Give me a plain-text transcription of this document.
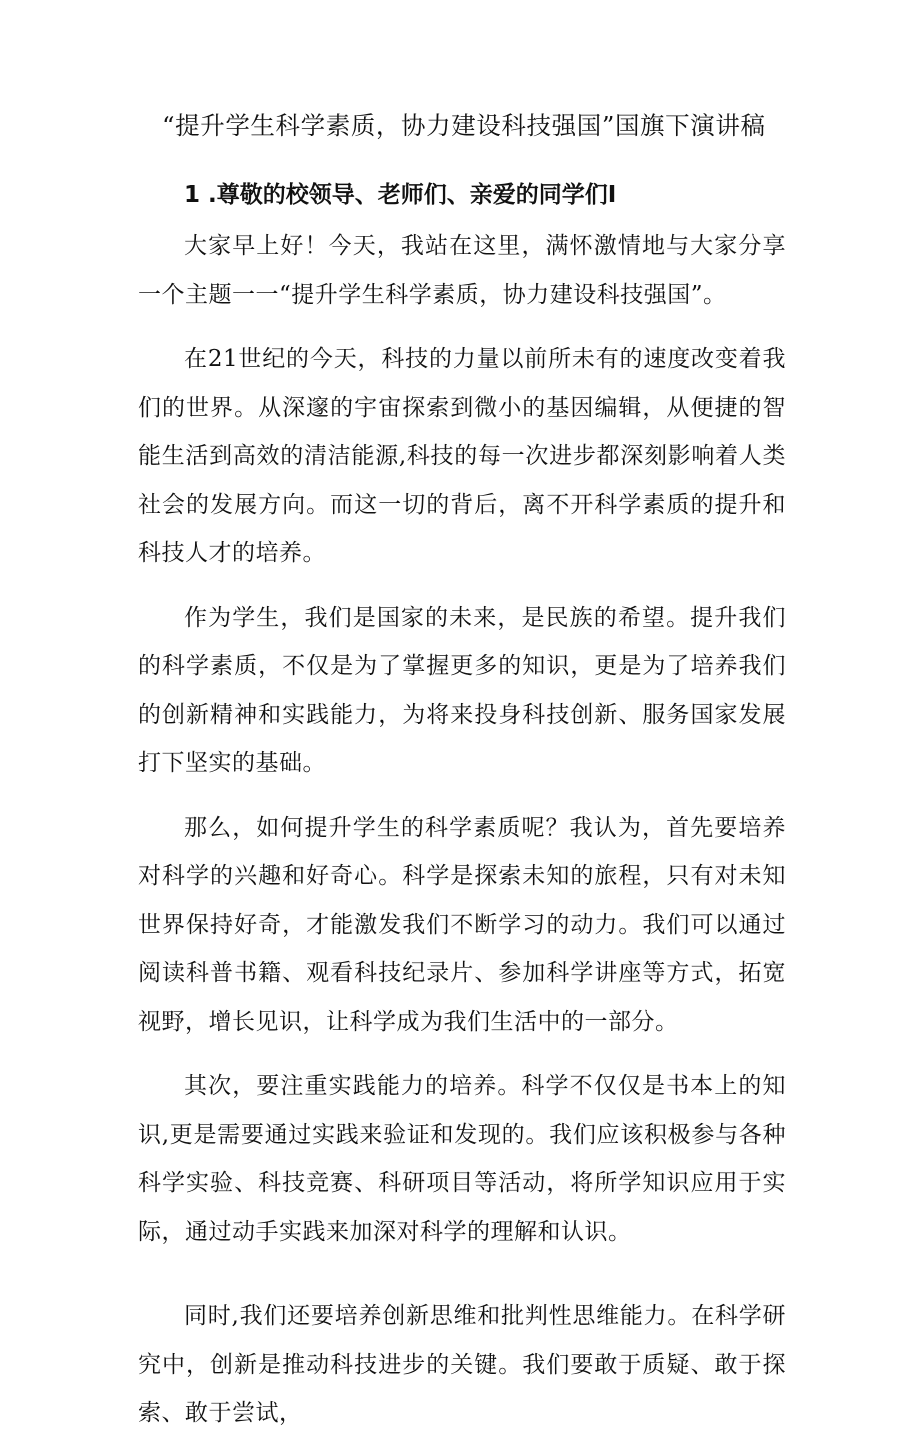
“提升学生科学素质，协力建设科技强国”国旗下演讲稿
1 .尊敬的校领导、老师们、亲爱的同学们I

大家早上好！今天，我站在这里，满怀激情地与大家分享一个主题一一“提升学生科学素质，协力建设科技强国”。

在21世纪的今天，科技的力量以前所未有的速度改变着我们的世界。从深邃的宇宙探索到微小的基因编辑，从便捷的智能生活到高效的清洁能源,科技的每一次进步都深刻影响着人类社会的发展方向。而这一切的背后，离不开科学素质的提升和科技人才的培养。

作为学生，我们是国家的未来，是民族的希望。提升我们的科学素质，不仅是为了掌握更多的知识，更是为了培养我们的创新精神和实践能力，为将来投身科技创新、服务国家发展打下坚实的基础。

那么，如何提升学生的科学素质呢？我认为，首先要培养对科学的兴趣和好奇心。科学是探索未知的旅程，只有对未知世界保持好奇，才能激发我们不断学习的动力。我们可以通过阅读科普书籍、观看科技纪录片、参加科学讲座等方式，拓宽视野，增长见识，让科学成为我们生活中的一部分。

其次，要注重实践能力的培养。科学不仅仅是书本上的知识,更是需要通过实践来验证和发现的。我们应该积极参与各种科学实验、科技竞赛、科研项目等活动，将所学知识应用于实际，通过动手实践来加深对科学的理解和认识。

同时,我们还要培养创新思维和批判性思维能力。在科学研究中，创新是推动科技进步的关键。我们要敢于质疑、敢于探索、敢于尝试，
